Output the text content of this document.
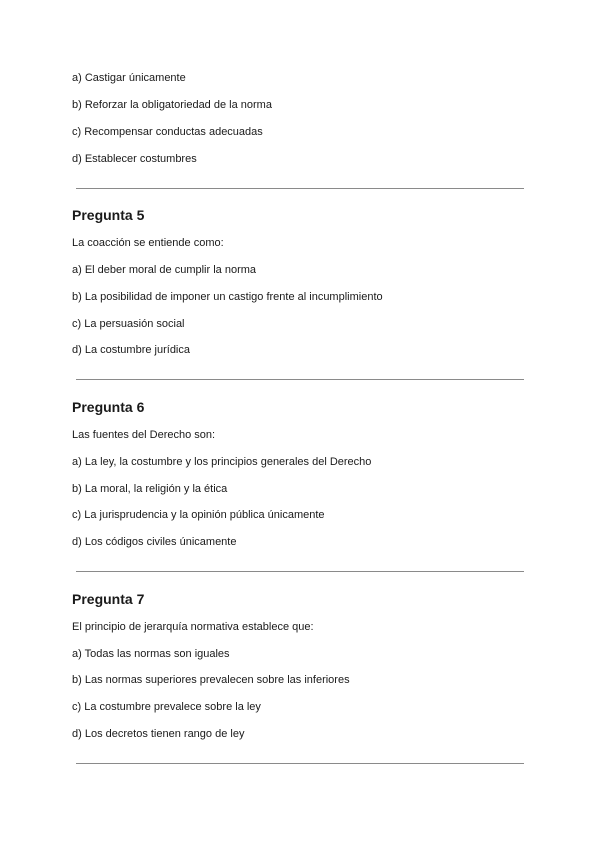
a) Castigar únicamente
b) Reforzar la obligatoriedad de la norma
c) Recompensar conductas adecuadas
d) Establecer costumbres
Pregunta 5
La coacción se entiende como:
a) El deber moral de cumplir la norma
b) La posibilidad de imponer un castigo frente al incumplimiento
c) La persuasión social
d) La costumbre jurídica
Pregunta 6
Las fuentes del Derecho son:
a) La ley, la costumbre y los principios generales del Derecho
b) La moral, la religión y la ética
c) La jurisprudencia y la opinión pública únicamente
d) Los códigos civiles únicamente
Pregunta 7
El principio de jerarquía normativa establece que:
a) Todas las normas son iguales
b) Las normas superiores prevalecen sobre las inferiores
c) La costumbre prevalece sobre la ley
d) Los decretos tienen rango de ley
